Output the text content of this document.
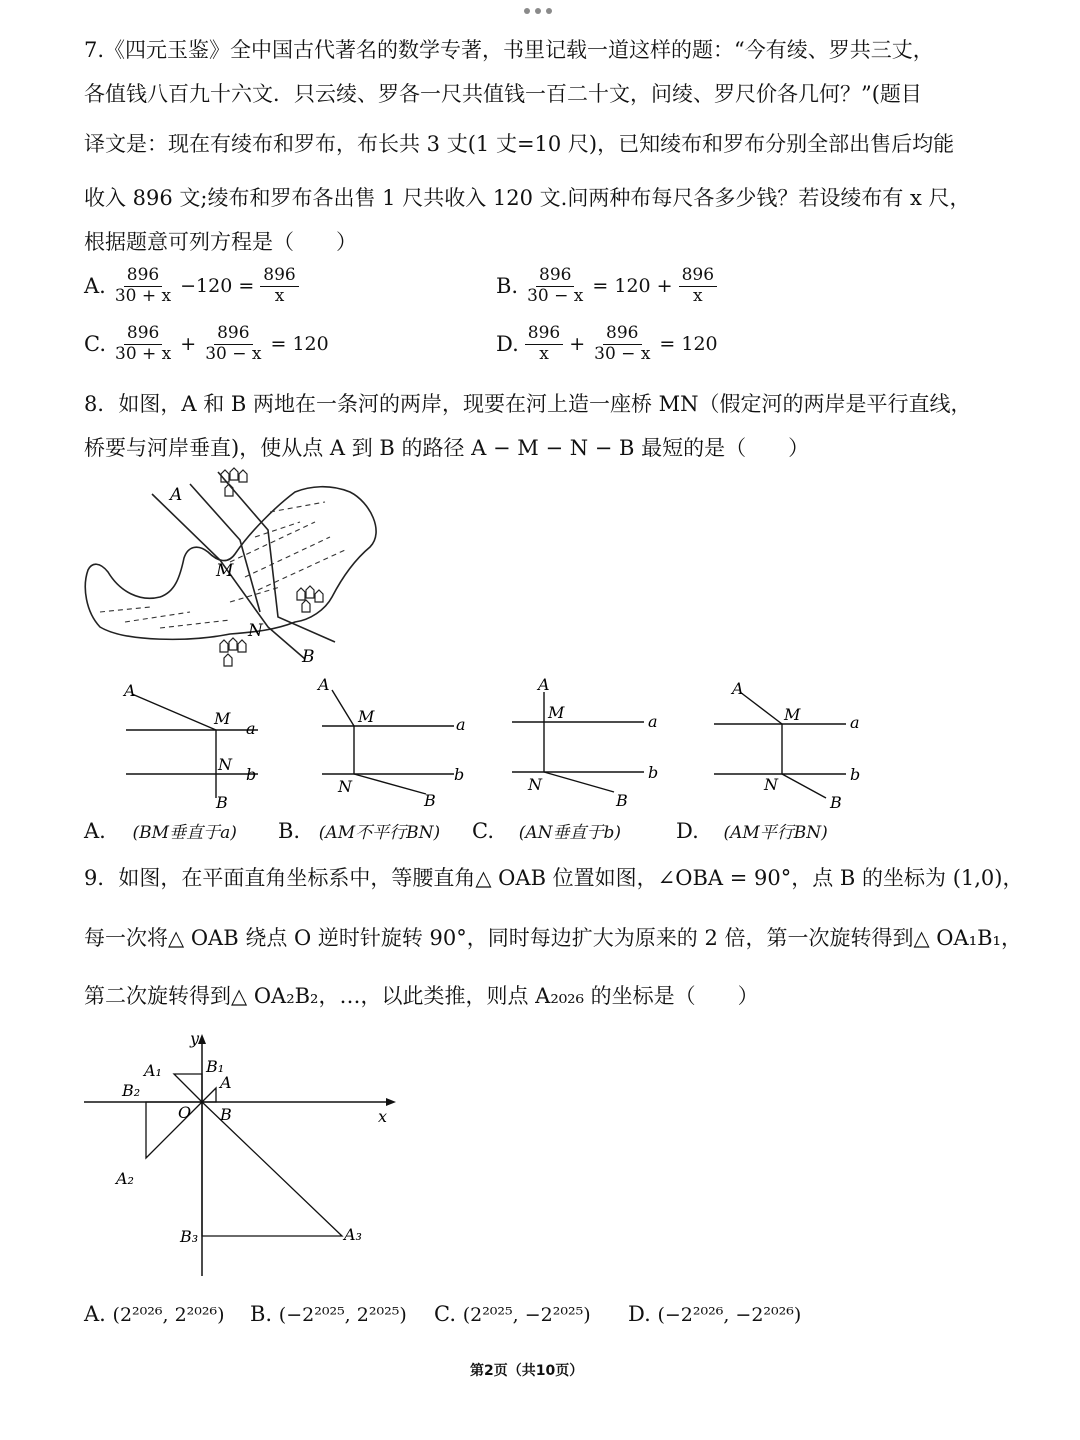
7.《四元玉鉴》全中国古代著名的数学专著，书里记载一道这样的题：“今有绫、罗共三丈，
各值钱八百九十六文．只云绫、罗各一尺共值钱一百二十文，问绫、罗尺价各几何？”(题目
译文是：现在有绫布和罗布，布长共 3 丈(1 丈=10 尺)，已知绫布和罗布分别全部出售后均能
收入 896 文;绫布和罗布各出售 1 尺共收入 120 文.问两种布每尺各多少钱？若设绫布有 x 尺，
根据题意可列方程是（　　）
A. $\frac{896}{30 + x} -120 = \frac{896}{x}$	B. $\frac{896}{30 - x} = 120 + \frac{896}{x}$
C. $\frac{896}{30 + x} + \frac{896}{30 - x} = 120$	D. $\frac{896}{x} + \frac{896}{30 - x} = 120$
8．如图，A 和 B 两地在一条河的两岸，现要在河上造一座桥 MN（假定河的两岸是平行直线，
桥要与河岸垂直)，使从点 A 到 B 的路径 A − M − N − B 最短的是（　　）
A
M
N
B
A
M
a
N
b
B
A
M	a
N
b
B
A
M	a
N
b
B
A
M	a
N
b
B
A. (BM垂直于a) B. (AM不平行BN) C. (AN垂直于b)	D. (AM平行BN)
9．如图，在平面直角坐标系中，等腰直角△ OAB 位置如图，∠OBA = 90°，点 B 的坐标为 (1,0)，
每一次将△ OAB 绕点 O 逆时针旋转 90°，同时每边扩大为原来的 2 倍，第一次旋转得到△ OA₁B₁，
第二次旋转得到△ OA₂B₂，…，以此类推，则点 A₂₀₂₆ 的坐标是（　　）
y
x
O
A
B
A₁	B₁
A₂
B₂
A₃
B₃
A. (2²⁰²⁶, 2²⁰²⁶) B. (−2²⁰²⁵, 2²⁰²⁵) C. (2²⁰²⁵, −2²⁰²⁵) D. (−2²⁰²⁶, −2²⁰²⁶)
第2页（共10页）
